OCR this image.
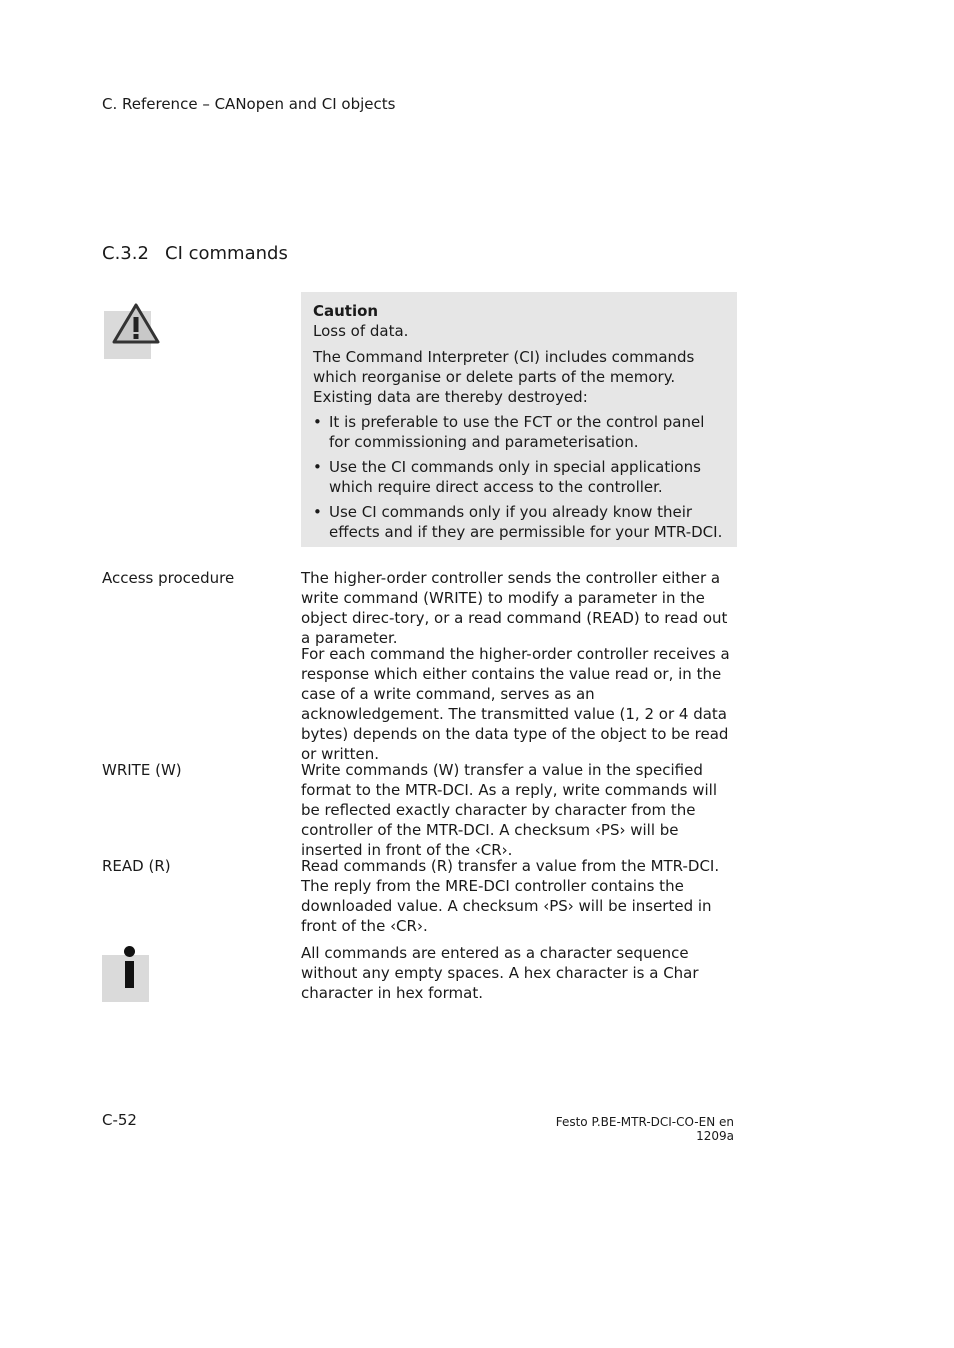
C. Reference – CANopen and CI objects
C.3.2 CI commands

Caution

Loss of data.

The Command Interpreter (CI) includes commands which reorganise or delete parts of the memory. Existing data are thereby destroyed:

• It is preferable to use the FCT or the control panel for commissioning and parameterisation.
• Use the CI commands only in special applications which require direct access to the controller.
• Use CI commands only if you already know their effects and if they are permissible for your MTR-DCI.
Access procedure	The higher-order controller sends the controller either a write command (WRITE) to modify a parameter in the object direc-tory, or a read command (READ) to read out a parameter.
For each command the higher-order controller receives a response which either contains the value read or, in the case of a write command, serves as an acknowledgement. The transmitted value (1, 2 or 4 data bytes) depends on the data type of the object to be read or written.
WRITE (W)	Write commands (W) transfer a value in the specified format to the MTR-DCI. As a reply, write commands will be reflected exactly character by character from the controller of the MTR-DCI. A checksum ‹PS› will be inserted in front of the ‹CR›.
READ (R)	Read commands (R) transfer a value from the MTR-DCI. The reply from the MRE-DCI controller contains the downloaded value. A checksum ‹PS› will be inserted in front of the ‹CR›.
All commands are entered as a character sequence without any empty spaces. A hex character is a Char character in hex format.
C-52	Festo P.BE-MTR-DCI-CO-EN en 1209a
